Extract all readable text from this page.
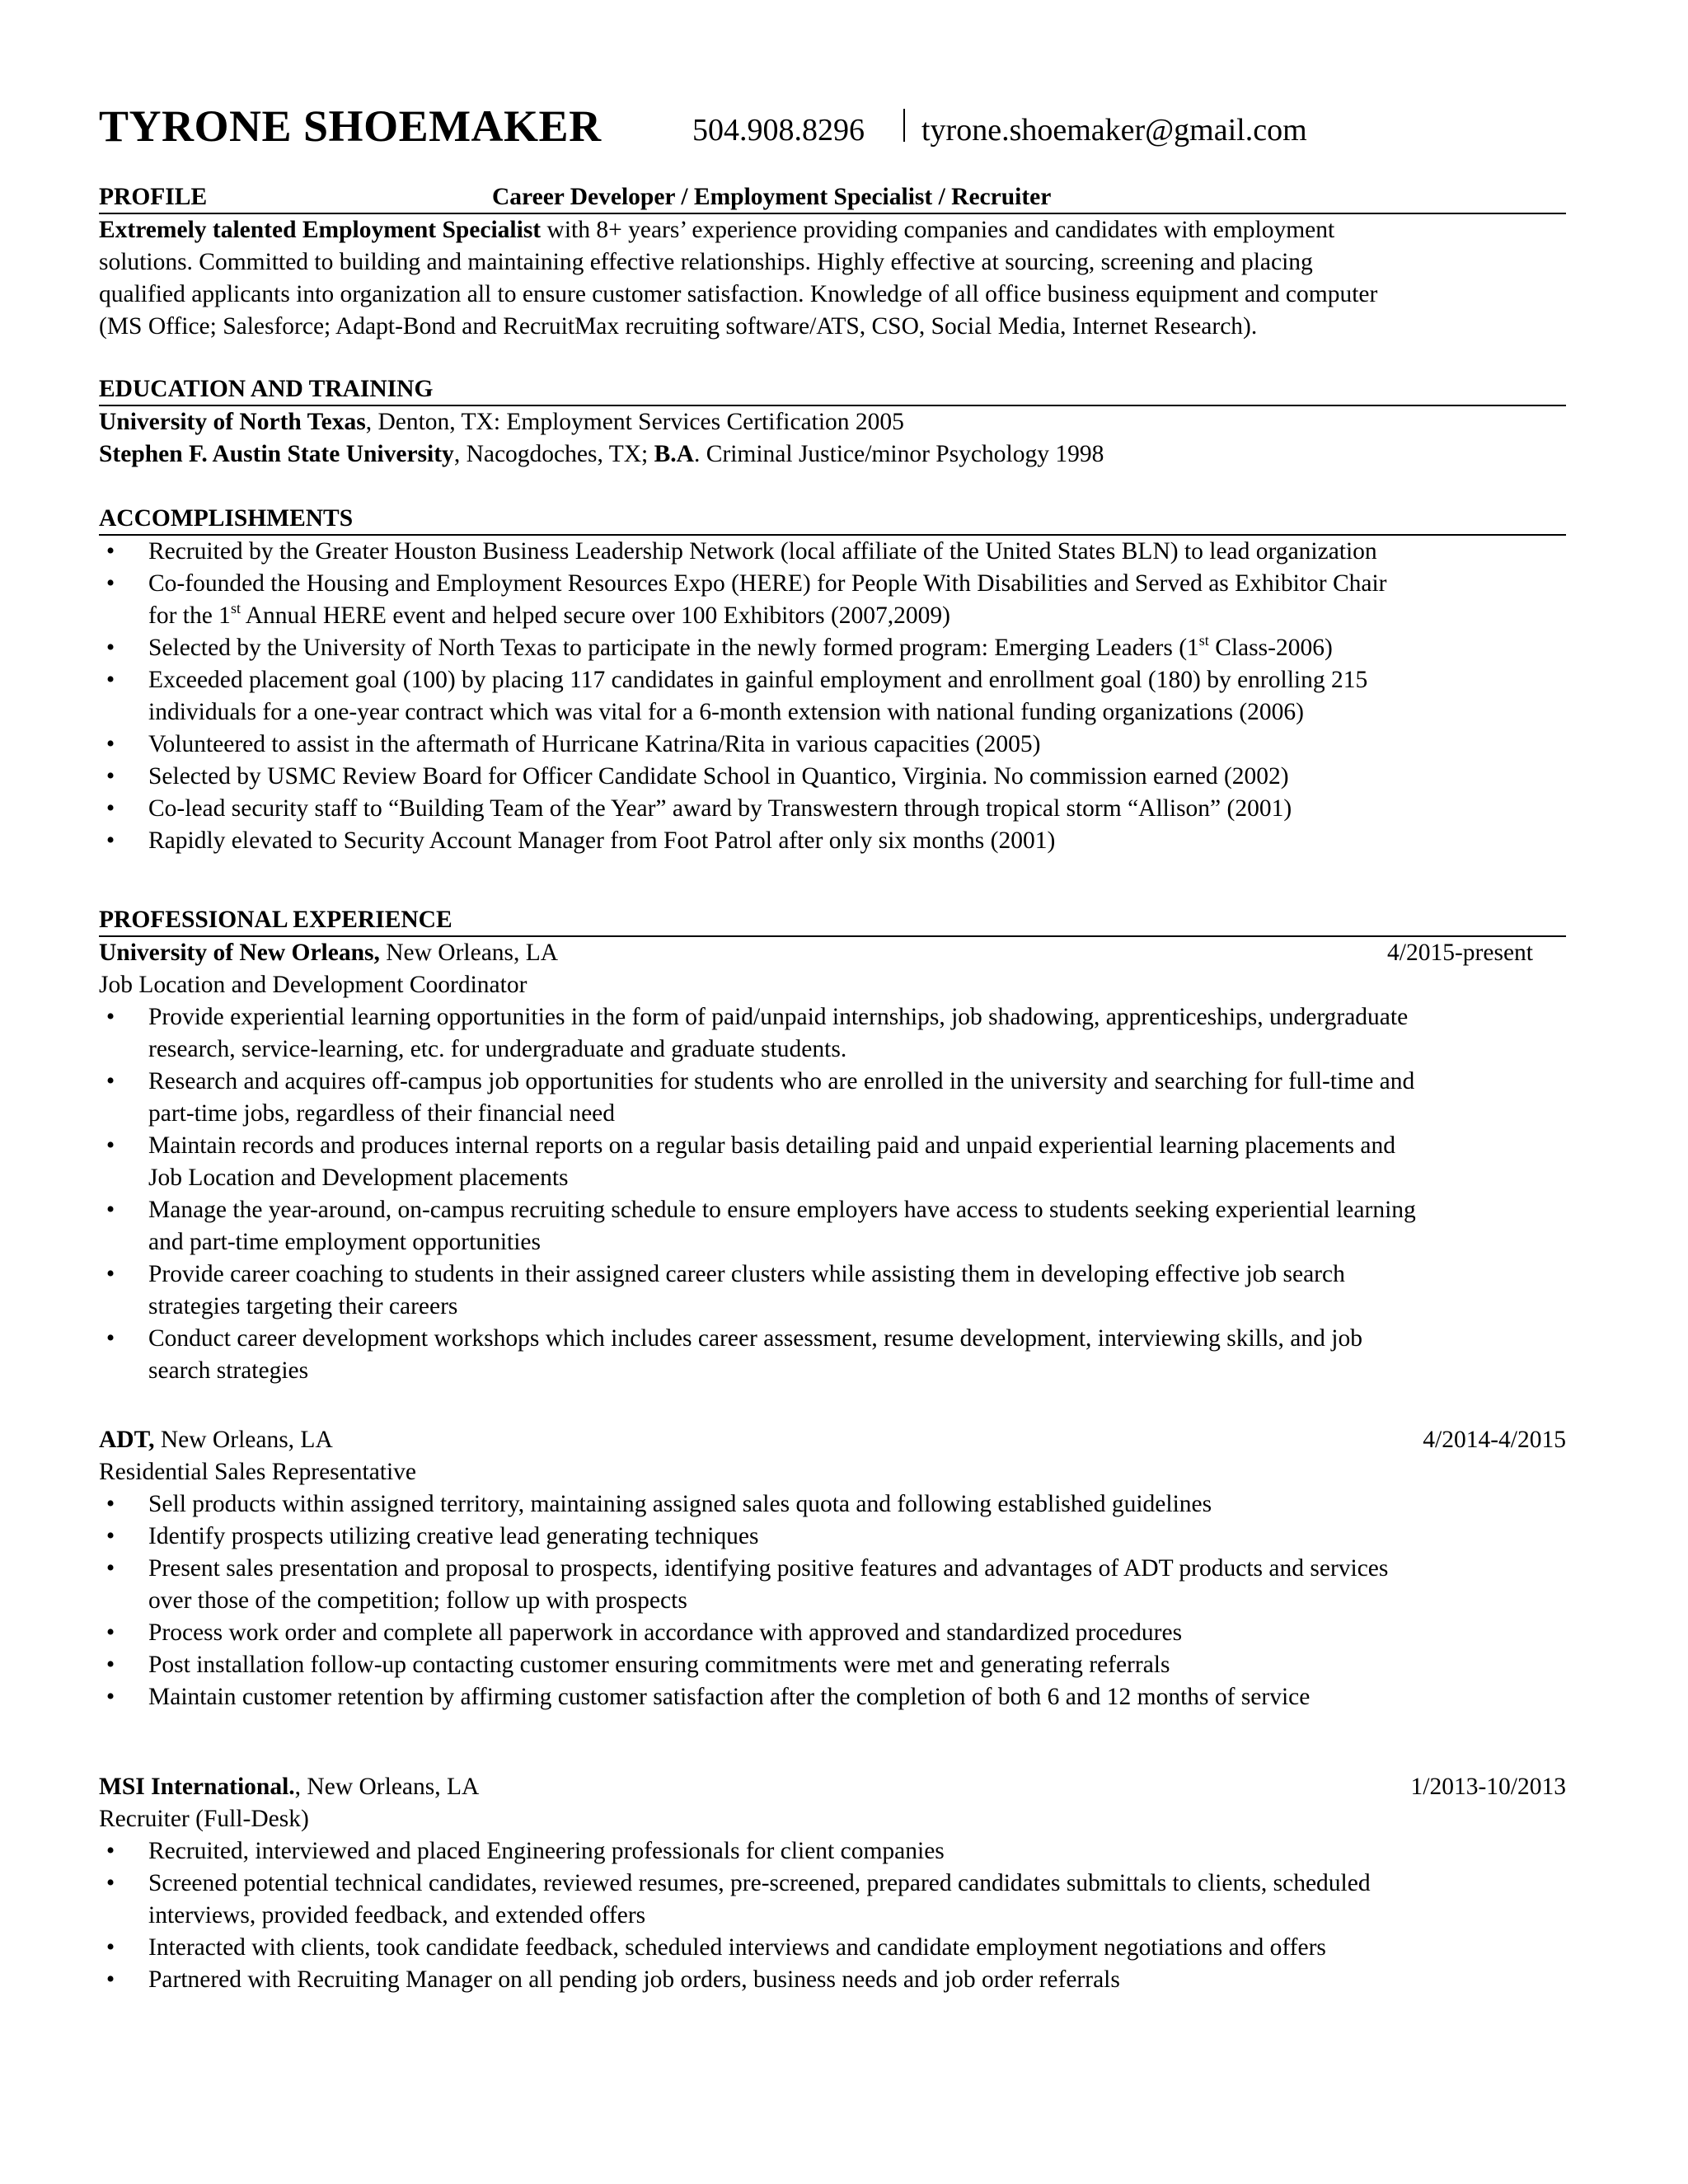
TYRONE SHOEMAKER	504.908.8296 tyrone.shoemaker@gmail.com
PROFILE	Career Developer / Employment Specialist / Recruiter
Extremely talented Employment Specialist with 8+ years’ experience providing companies and candidates with employment
solutions. Committed to building and maintaining effective relationships. Highly effective at sourcing, screening and placing
qualified applicants into organization all to ensure customer satisfaction. Knowledge of all office business equipment and computer
(MS Office; Salesforce; Adapt-Bond and RecruitMax recruiting software/ATS, CSO, Social Media, Internet Research).
EDUCATION AND TRAINING
University of North Texas, Denton, TX: Employment Services Certification 2005
Stephen F. Austin State University, Nacogdoches, TX; B.A. Criminal Justice/minor Psychology 1998
ACCOMPLISHMENTS
• Recruited by the Greater Houston Business Leadership Network (local affiliate of the United States BLN) to lead organization
• Co-founded the Housing and Employment Resources Expo (HERE) for People With Disabilities and Served as Exhibitor Chair
for the 1st Annual HERE event and helped secure over 100 Exhibitors (2007,2009)
• Selected by the University of North Texas to participate in the newly formed program: Emerging Leaders (1st Class-2006)
• Exceeded placement goal (100) by placing 117 candidates in gainful employment and enrollment goal (180) by enrolling 215
individuals for a one-year contract which was vital for a 6-month extension with national funding organizations (2006)
• Volunteered to assist in the aftermath of Hurricane Katrina/Rita in various capacities (2005)
• Selected by USMC Review Board for Officer Candidate School in Quantico, Virginia. No commission earned (2002)
• Co-lead security staff to “Building Team of the Year” award by Transwestern through tropical storm “Allison” (2001)
• Rapidly elevated to Security Account Manager from Foot Patrol after only six months (2001)
PROFESSIONAL EXPERIENCE
University of New Orleans, New Orleans, LA	4/2015-present
Job Location and Development Coordinator
• Provide experiential learning opportunities in the form of paid/unpaid internships, job shadowing, apprenticeships, undergraduate
research, service-learning, etc. for undergraduate and graduate students.
• Research and acquires off-campus job opportunities for students who are enrolled in the university and searching for full-time and
part-time jobs, regardless of their financial need
• Maintain records and produces internal reports on a regular basis detailing paid and unpaid experiential learning placements and
Job Location and Development placements
• Manage the year-around, on-campus recruiting schedule to ensure employers have access to students seeking experiential learning
and part-time employment opportunities
• Provide career coaching to students in their assigned career clusters while assisting them in developing effective job search
strategies targeting their careers
• Conduct career development workshops which includes career assessment, resume development, interviewing skills, and job
search strategies
ADT, New Orleans, LA	4/2014-4/2015
Residential Sales Representative
• Sell products within assigned territory, maintaining assigned sales quota and following established guidelines
• Identify prospects utilizing creative lead generating techniques
• Present sales presentation and proposal to prospects, identifying positive features and advantages of ADT products and services
over those of the competition; follow up with prospects
• Process work order and complete all paperwork in accordance with approved and standardized procedures
• Post installation follow-up contacting customer ensuring commitments were met and generating referrals
• Maintain customer retention by affirming customer satisfaction after the completion of both 6 and 12 months of service
MSI International., New Orleans, LA	1/2013-10/2013
Recruiter (Full-Desk)
• Recruited, interviewed and placed Engineering professionals for client companies
• Screened potential technical candidates, reviewed resumes, pre-screened, prepared candidates submittals to clients, scheduled
interviews, provided feedback, and extended offers
• Interacted with clients, took candidate feedback, scheduled interviews and candidate employment negotiations and offers
• Partnered with Recruiting Manager on all pending job orders, business needs and job order referrals
